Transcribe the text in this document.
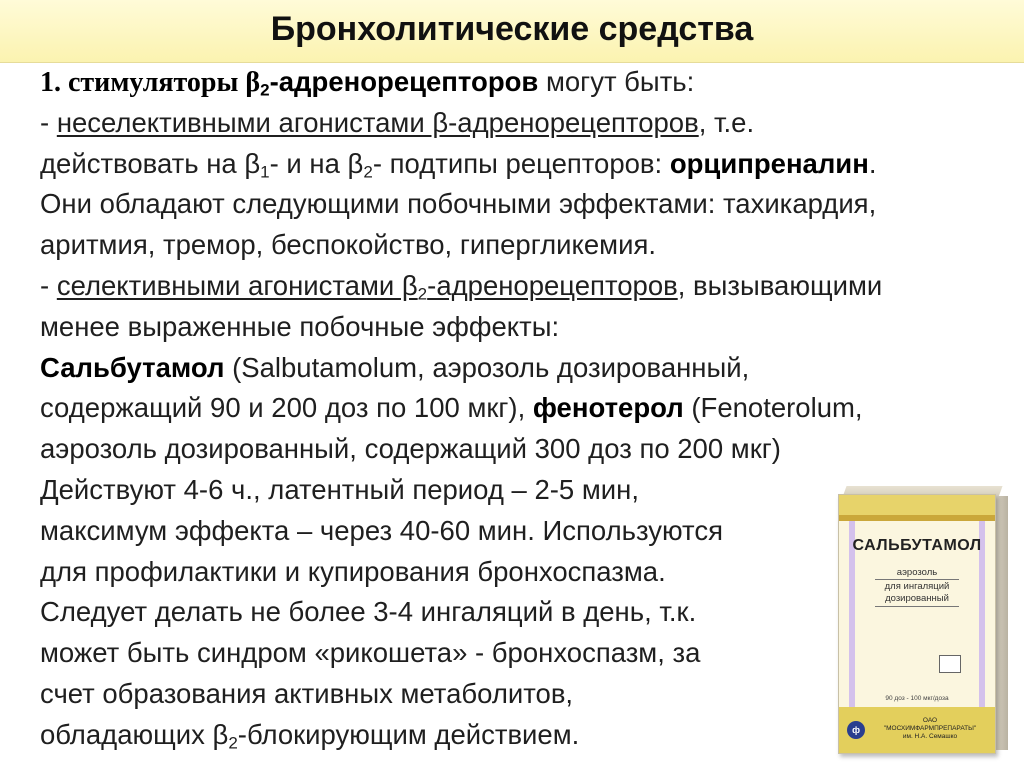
Бронхолитические средства
1. стимуляторы $\beta_2$-адренорецепторов могут быть:
- неселективными агонистами β-адренорецепторов, т.е.
действовать на $\beta_1-$ и на $\beta_2-$ подтипы рецепторов: орципреналин.
Они обладают следующими побочными эффектами: тахикардия,
аритмия, тремор, беспокойство, гипергликемия.
- селективными агонистами $\beta_2$-адренорецепторов, вызывающими
менее выраженные побочные эффекты:
Сальбутамол (Salbutamolum, аэрозоль дозированный,
содержащий 90 и 200 доз по 100 мкг), фенотерол (Fenoterolum,
аэрозоль дозированный, содержащий 300 доз по 200 мкг)
Действуют 4-6 ч., латентный период – 2-5 мин,
максимум эффекта – через 40-60 мин. Используются
для профилактики и купирования бронхоспазма.
Следует делать не более 3-4 ингаляций в день, т.к.
может быть синдром «рикошета» - бронхоспазм, за
счет образования активных метаболитов,
обладающих $\beta_2$-блокирующим действием.
САЛЬБУТАМОЛ
аэрозоль
для ингаляций
дозированный
90 доз - 100 мкг/доза
ф
ОАО
"МОСХИМФАРМПРЕПАРАТЫ"
им. Н.А. Семашко
